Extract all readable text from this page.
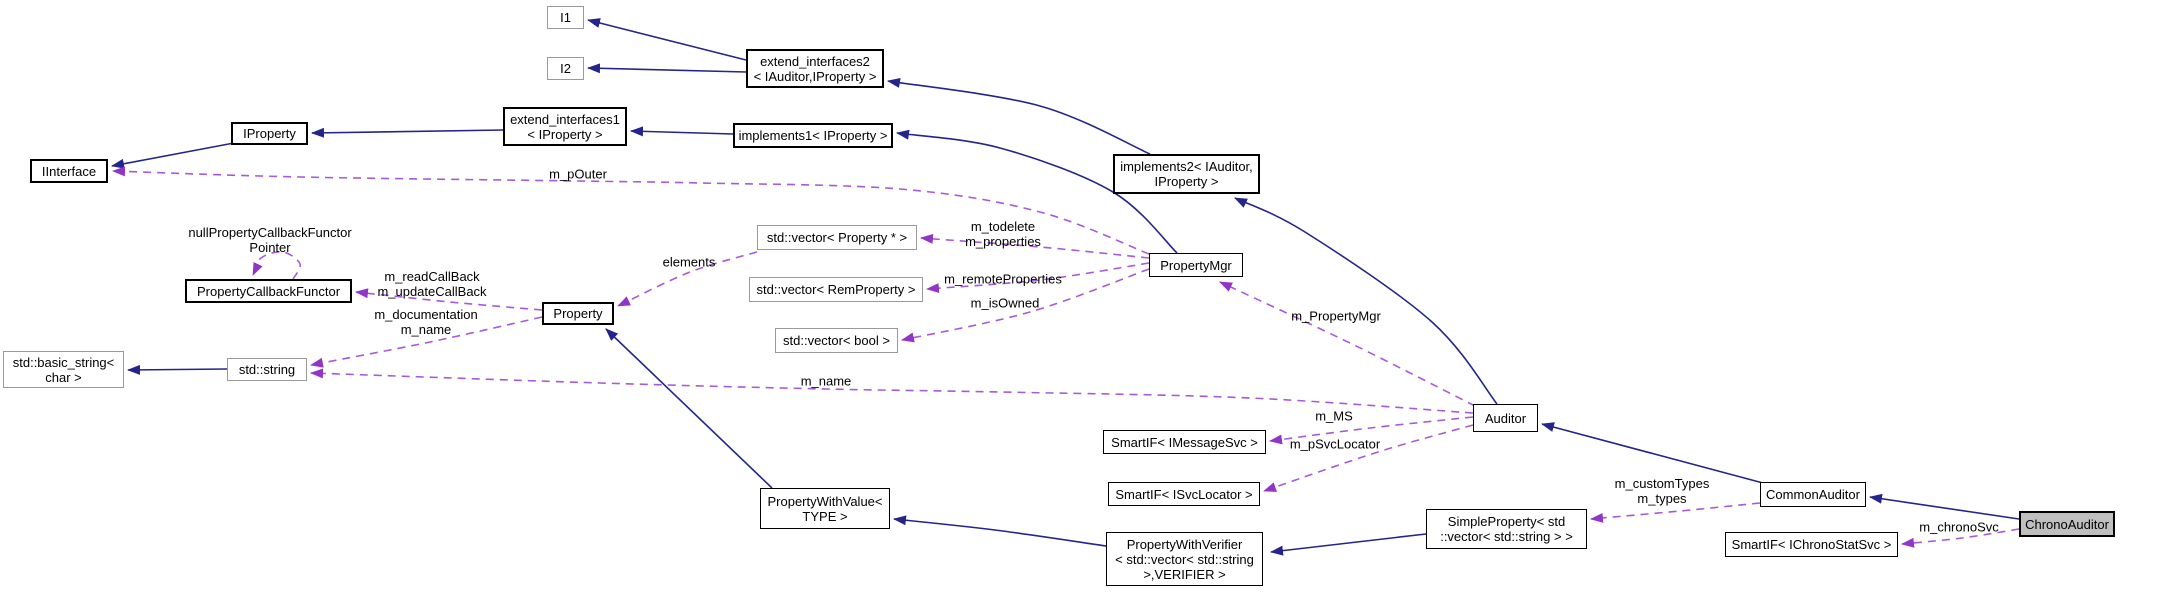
I1
I2	extend_interfaces2
< IAuditor,IProperty >
extend_interfaces1
< IProperty >	implements1< IProperty >
IProperty
IInterface	implements2< IAuditor,
IProperty >
PropertyCallbackFunctor
Property
std::vector< Property * >
std::vector< RemProperty >
std::vector< bool >
PropertyMgr
std::basic_string<
char >	std::string
SmartIF< IMessageSvc >
SmartIF< ISvcLocator >
Auditor
PropertyWithValue<
TYPE >
PropertyWithVerifier
< std::vector< std::string
>,VERIFIER >
SimpleProperty< std
::vector< std::string > >
CommonAuditor
SmartIF< IChronoStatSvc >
ChronoAuditor
m_pOuter
nullPropertyCallbackFunctor
Pointer
m_readCallBack
m_updateCallBack
m_documentation
m_name
elements
m_todelete
m_properties
m_remoteProperties
m_isOwned
m_PropertyMgr
m_MS
m_pSvcLocator
m_name
m_customTypes
m_types
m_chronoSvc
